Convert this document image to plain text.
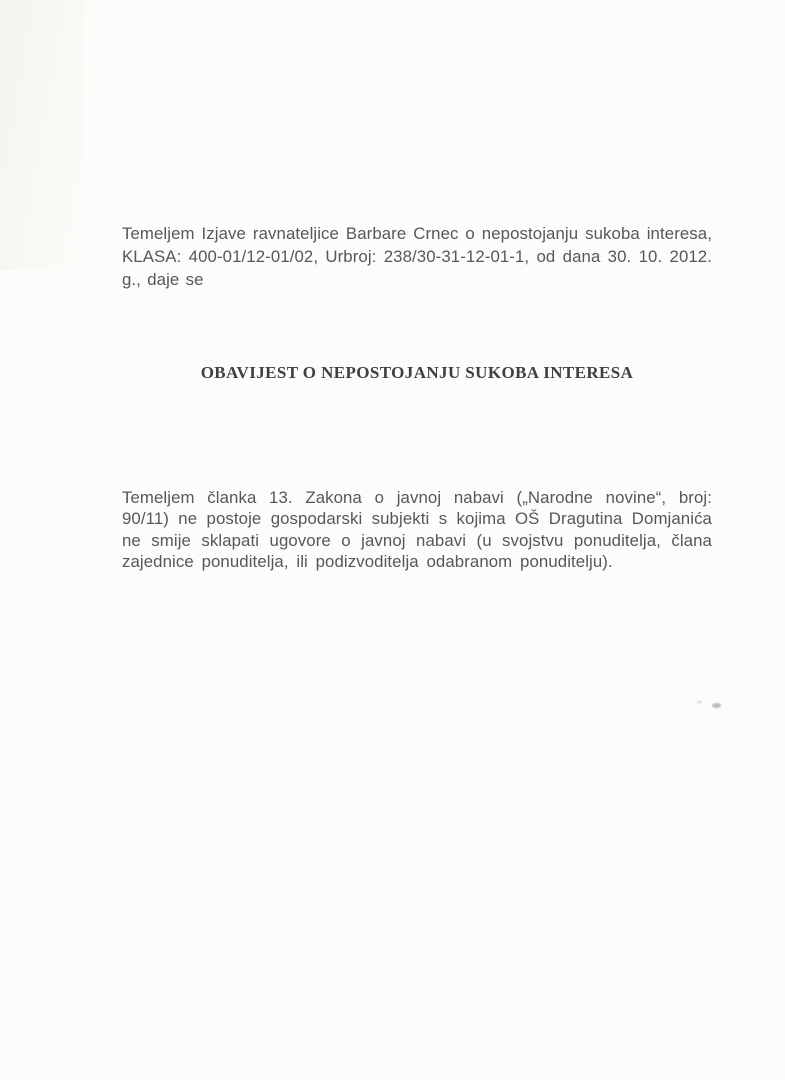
Temeljem Izjave ravnateljice Barbare Crnec o nepostojanju sukoba interesa, KLASA: 400-01/12-01/02, Urbroj: 238/30-31-12-01-1, od dana 30. 10. 2012. g., daje se

OBAVIJEST O NEPOSTOJANJU SUKOBA INTERESA

Temeljem članka 13. Zakona o javnoj nabavi („Narodne novine“, broj: 90/11) ne postoje gospodarski subjekti s kojima OŠ Dragutina Domjanića ne smije sklapati ugovore o javnoj nabavi (u svojstvu ponuditelja, člana zajednice ponuditelja, ili podizvoditelja odabranom ponuditelju).
